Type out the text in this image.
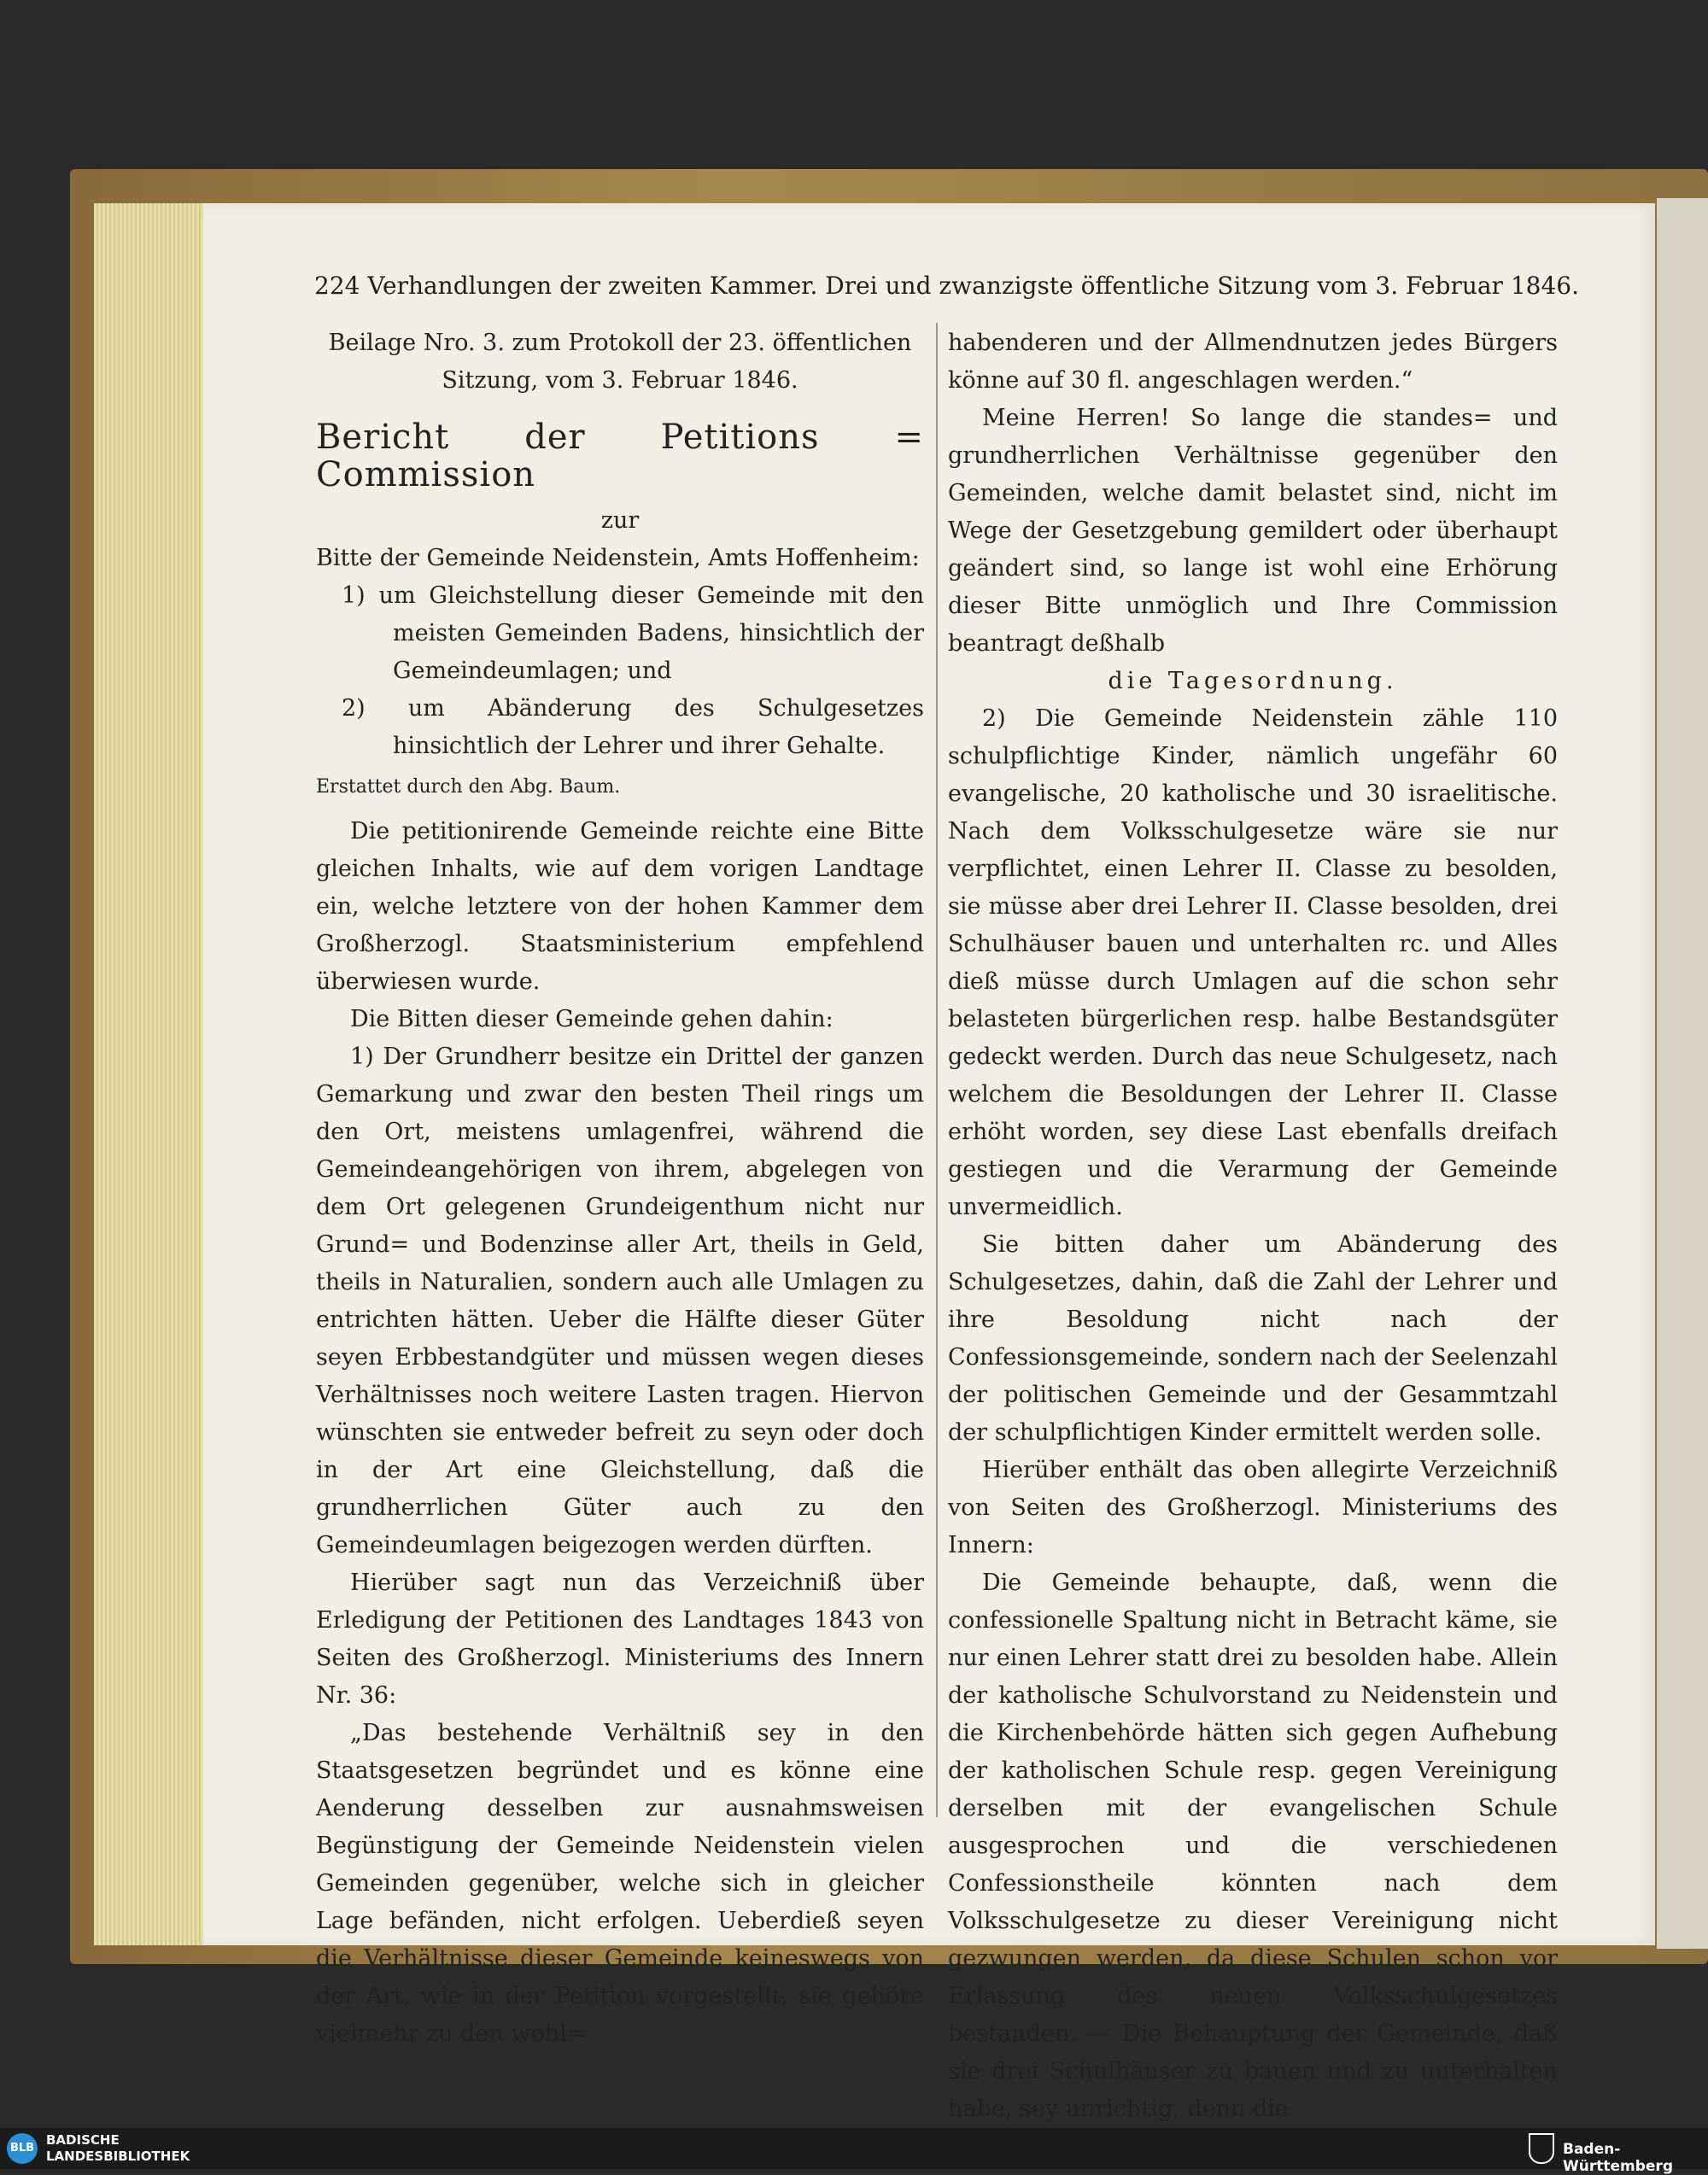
224 Verhandlungen der zweiten Kammer. Drei und zwanzigste öffentliche Sitzung vom 3. Februar 1846.

Beilage Nro. 3. zum Protokoll der 23. öffentlichen Sitzung, vom 3. Februar 1846.

Bericht der Petitions = Commission

zur

Bitte der Gemeinde Neidenstein, Amts Hoffenheim:

1) um Gleichstellung dieser Gemeinde mit den meisten Gemeinden Badens, hinsichtlich der Gemeindeumlagen; und

2) um Abänderung des Schulgesetzes hinsichtlich der Lehrer und ihrer Gehalte.

Erstattet durch den Abg. Baum.

Die petitionirende Gemeinde reichte eine Bitte gleichen Inhalts, wie auf dem vorigen Landtage ein, welche letztere von der hohen Kammer dem Großherzogl. Staatsministerium empfehlend überwiesen wurde.

Die Bitten dieser Gemeinde gehen dahin:

1) Der Grundherr besitze ein Drittel der ganzen Gemarkung und zwar den besten Theil rings um den Ort, meistens umlagenfrei, während die Gemeindeangehörigen von ihrem, abgelegen von dem Ort gelegenen Grundeigenthum nicht nur Grund= und Bodenzinse aller Art, theils in Geld, theils in Naturalien, sondern auch alle Umlagen zu entrichten hätten. Ueber die Hälfte dieser Güter seyen Erbbestandgüter und müssen wegen dieses Verhältnisses noch weitere Lasten tragen. Hiervon wünschten sie entweder befreit zu seyn oder doch in der Art eine Gleichstellung, daß die grundherrlichen Güter auch zu den Gemeindeumlagen beigezogen werden dürften.

Hierüber sagt nun das Verzeichniß über Erledigung der Petitionen des Landtages 1843 von Seiten des Großherzogl. Ministeriums des Innern Nr. 36:

„Das bestehende Verhältniß sey in den Staatsgesetzen begründet und es könne eine Aenderung desselben zur ausnahmsweisen Begünstigung der Gemeinde Neidenstein vielen Gemeinden gegenüber, welche sich in gleicher Lage befänden, nicht erfolgen. Ueberdieß seyen die Verhältnisse dieser Gemeinde keineswegs von der Art, wie in der Petition vorgestellt, sie gehöre vielmehr zu den wohl=

habenderen und der Allmendnutzen jedes Bürgers könne auf 30 fl. angeschlagen werden.“

Meine Herren! So lange die standes= und grundherrlichen Verhältnisse gegenüber den Gemeinden, welche damit belastet sind, nicht im Wege der Gesetzgebung gemildert oder überhaupt geändert sind, so lange ist wohl eine Erhörung dieser Bitte unmöglich und Ihre Commission beantragt deßhalb

die Tagesordnung.

2) Die Gemeinde Neidenstein zähle 110 schulpflichtige Kinder, nämlich ungefähr 60 evangelische, 20 katholische und 30 israelitische. Nach dem Volksschulgesetze wäre sie nur verpflichtet, einen Lehrer II. Classe zu besolden, sie müsse aber drei Lehrer II. Classe besolden, drei Schulhäuser bauen und unterhalten rc. und Alles dieß müsse durch Umlagen auf die schon sehr belasteten bürgerlichen resp. halbe Bestandsgüter gedeckt werden. Durch das neue Schulgesetz, nach welchem die Besoldungen der Lehrer II. Classe erhöht worden, sey diese Last ebenfalls dreifach gestiegen und die Verarmung der Gemeinde unvermeidlich.

Sie bitten daher um Abänderung des Schulgesetzes, dahin, daß die Zahl der Lehrer und ihre Besoldung nicht nach der Confessionsgemeinde, sondern nach der Seelenzahl der politischen Gemeinde und der Gesammtzahl der schulpflichtigen Kinder ermittelt werden solle.

Hierüber enthält das oben allegirte Verzeichniß von Seiten des Großherzogl. Ministeriums des Innern:

Die Gemeinde behaupte, daß, wenn die confessionelle Spaltung nicht in Betracht käme, sie nur einen Lehrer statt drei zu besolden habe. Allein der katholische Schulvorstand zu Neidenstein und die Kirchenbehörde hätten sich gegen Aufhebung der katholischen Schule resp. gegen Vereinigung derselben mit der evangelischen Schule ausgesprochen und die verschiedenen Confessionstheile könnten nach dem Volksschulgesetze zu dieser Vereinigung nicht gezwungen werden, da diese Schulen schon vor Erlassung des neuen Volksschulgesetzes bestanden. — Die Behauptung der Gemeinde, daß sie drei Schulhäuser zu bauen und zu unterhalten habe, sey unrichtig, denn die

BLB
BADISCHE
LANDESBIBLIOTHEK	Baden-Württemberg
